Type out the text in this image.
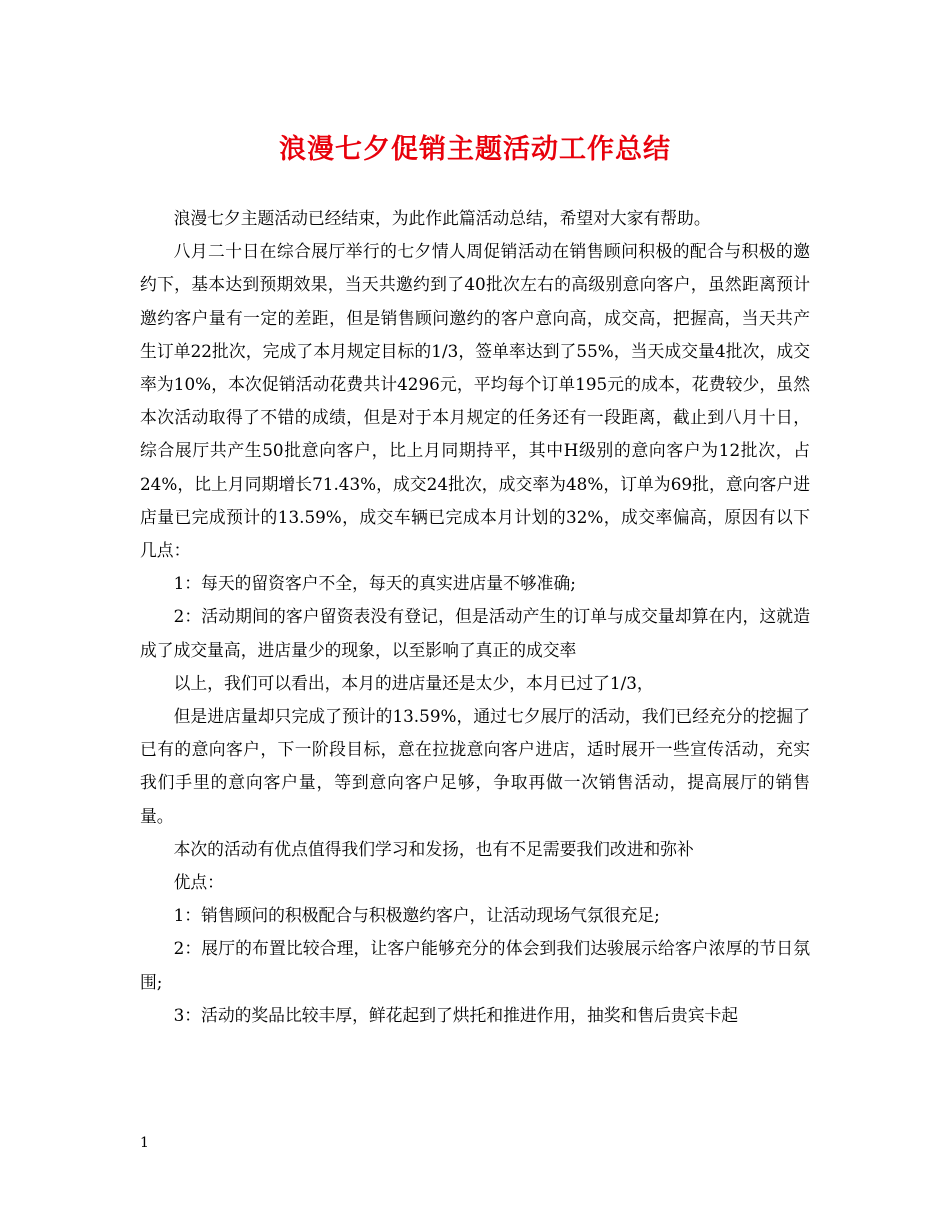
浪漫七夕促销主题活动工作总结

浪漫七夕主题活动已经结束，为此作此篇活动总结，希望对大家有帮助。

八月二十日在综合展厅举行的七夕情人周促销活动在销售顾问积极的配合与积极的邀约下，基本达到预期效果，当天共邀约到了40批次左右的高级别意向客户，虽然距离预计邀约客户量有一定的差距，但是销售顾问邀约的客户意向高，成交高，把握高，当天共产生订单22批次，完成了本月规定目标的1/3，签单率达到了55%，当天成交量4批次，成交率为10%，本次促销活动花费共计4296元，平均每个订单195元的成本，花费较少，虽然本次活动取得了不错的成绩，但是对于本月规定的任务还有一段距离，截止到八月十日，综合展厅共产生50批意向客户，比上月同期持平，其中H级别的意向客户为12批次，占24%，比上月同期增长71.43%，成交24批次，成交率为48%，订单为69批，意向客户进店量已完成预计的13.59%，成交车辆已完成本月计划的32%，成交率偏高，原因有以下几点：

1：每天的留资客户不全，每天的真实进店量不够准确;

2：活动期间的客户留资表没有登记，但是活动产生的订单与成交量却算在内，这就造成了成交量高，进店量少的现象，以至影响了真正的成交率

以上，我们可以看出，本月的进店量还是太少，本月已过了1/3，

但是进店量却只完成了预计的13.59%，通过七夕展厅的活动，我们已经充分的挖掘了已有的意向客户，下一阶段目标，意在拉拢意向客户进店，适时展开一些宣传活动，充实我们手里的意向客户量，等到意向客户足够，争取再做一次销售活动，提高展厅的销售量。

本次的活动有优点值得我们学习和发扬，也有不足需要我们改进和弥补

优点：

1：销售顾问的积极配合与积极邀约客户，让活动现场气氛很充足;

2：展厅的布置比较合理，让客户能够充分的体会到我们达骏展示给客户浓厚的节日氛围;

3：活动的奖品比较丰厚，鲜花起到了烘托和推进作用，抽奖和售后贵宾卡起

1
